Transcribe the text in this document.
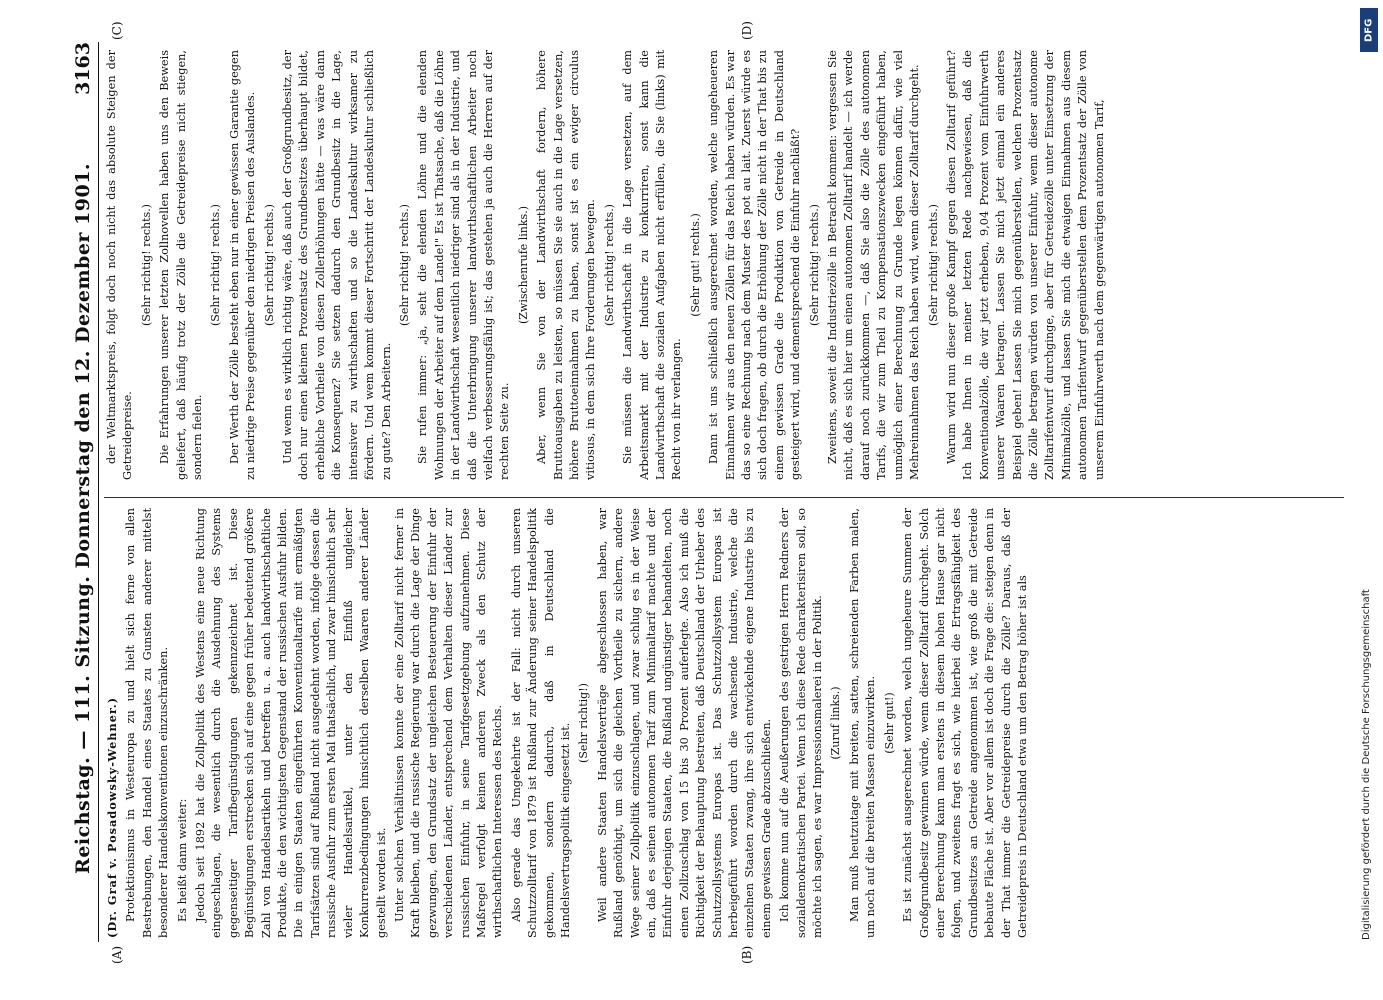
Reichstag. — 111. Sitzung. Donnerstag den 12. Dezember 1901.
3163
(A)	(B)
(C)	(D)

(Dr. Graf v. Posadowsky-Wehner.) Protektionismus in Westeuropa zu und hielt sich ferne von allen Bestrebungen, den Handel eines Staates zu Gunsten anderer mittelst besonderer Handelskonventionen einzuschränken. Es heißt dann weiter: Jedoch seit 1892 hat die Zollpolitik des Westens eine neue Richtung eingeschlagen, die wesentlich durch die Ausdehnung des Systems gegenseitiger Tarifbegünstigungen gekennzeichnet ist. Diese Begünstigungen erstrecken sich auf eine gegen früher bedeutend größere Zahl von Handelsartikeln und betreffen u. a. auch landwirthschaftliche Produkte, die den wichtigsten Gegenstand der russischen Ausfuhr bilden. Die in einigen Staaten eingeführten Konventionaltarife mit ermäßigten Tarifsätzen sind auf Rußland nicht ausgedehnt worden, infolge dessen die russische Ausfuhr zum ersten Mal thatsächlich, und zwar hinsichtlich sehr vieler Handelsartikel, unter den Einfluß ungleicher Konkurrenzbedingungen hinsichtlich derselben Waaren anderer Länder gestellt worden ist. Unter solchen Verhältnissen konnte der eine Zolltarif nicht ferner in Kraft bleiben, und die russische Regierung war durch die Lage der Dinge gezwungen, den Grundsatz der ungleichen Besteuerung der Einfuhr der verschiedenen Länder, entsprechend dem Verhalten dieser Länder zur russischen Einfuhr, in seine Tarifgesetzgebung aufzunehmen. Diese Maßregel verfolgt keinen anderen Zweck als den Schutz der wirthschaftlichen Interessen des Reichs. Also gerade das Umgekehrte ist der Fall: nicht durch unseren Schutzzolltarif von 1879 ist Rußland zur Änderung seiner Handelspolitik gekommen, sondern dadurch, daß in Deutschland die Handelsvertragspolitik eingesetzt ist. (Sehr richtig!) Weil andere Staaten Handelsverträge abgeschlossen haben, war Rußland genöthigt, um sich die gleichen Vortheile zu sichern, andere Wege seiner Zollpolitik einzuschlagen, und zwar schlug es in der Weise ein, daß es seinen autonomen Tarif zum Minimaltarif machte und der Einfuhr derjenigen Staaten, die Rußland ungünstiger behandelten, noch einen Zollzuschlag von 15 bis 30 Prozent auferlegte. Also ich muß die Richtigkeit der Behauptung bestreiten, daß Deutschland der Urheber des Schutzzollsystems Europas ist. Das Schutzzollsystem Europas ist herbeigeführt worden durch die wachsende Industrie, welche die einzelnen Staaten zwang, ihre sich entwickelnde eigene Industrie bis zu einem gewissen Grade abzuschließen. Ich komme nun auf die Aeußerungen des gestrigen Herrn Redners der sozialdemokratischen Partei. Wenn ich diese Rede charakterisiren soll, so möchte ich sagen, es war Impressionsmalerei in der Politik. (Zuruf links.) Man muß heutzutage mit breiten, satten, schreienden Farben malen, um noch auf die breiten Massen einzuwirken. (Sehr gut!) Es ist zunächst ausgerechnet worden, welch ungeheure Summen der Großgrundbesitz gewinnen würde, wenn dieser Zolltarif durchgeht. Solch einer Berechnung kann man erstens in diesem hohen Hause gar nicht folgen, und zweitens fragt es sich, wie hierbei die Ertragsfähigkeit des Grundbesitzes an Getreide angenommen ist, wie groß die mit Getreide bebaute Fläche ist. Aber vor allem ist doch die Frage die: steigen denn in der That immer die Getreidepreise durch die Zölle? Daraus, daß der Getreidepreis in Deutschland etwa um den Betrag höher ist als

der Weltmarktspreis, folgt doch noch nicht das absolute Steigen der Getreidepreise.

(Sehr richtig! rechts.) Die Erfahrungen unserer letzten Zollnovellen haben uns den Beweis geliefert, daß häufig trotz der Zölle die Getreidepreise nicht stiegen, sondern fielen.

(Sehr richtig! rechts.) Der Werth der Zölle besteht eben nur in einer gewissen Garantie gegen zu niedrige Preise gegenüber den niedrigen Preisen des Auslandes. (Sehr richtig! rechts.) Und wenn es wirklich richtig wäre, daß auch der Großgrundbesitz, der doch nur einen kleinen Prozentsatz des Grundbesitzes überhaupt bildet, erhebliche Vortheile von diesen Zollerhöhungen hätte — was wäre dann die Konsequenz? Sie setzen dadurch den Grundbesitz in die Lage, intensiver zu wirthschaften und so die Landeskultur wirksamer zu fördern. Und wem kommt dieser Fortschritt der Landeskultur schließlich zu gute? Den Arbeitern.

(Sehr richtig! rechts.) Sie rufen immer: „ja, seht die elenden Löhne und die elenden Wohnungen der Arbeiter auf dem Lande!" Es ist Thatsache, daß die Löhne in der Landwirthschaft wesentlich niedriger sind als in der Industrie, und daß die Unterbringung unserer landwirthschaftlichen Arbeiter noch vielfach verbesserungsfähig ist; das gestehen ja auch die Herren auf der rechten Seite zu.

(Zwischenrufe links.) Aber, wenn Sie von der Landwirthschaft fordern, höhere Bruttoausgaben zu leisten, so müssen Sie sie auch in die Lage versetzen, höhere Bruttoeinnahmen zu haben, sonst ist es ein ewiger circulus vitiosus, in dem sich Ihre Forderungen bewegen. (Sehr richtig! rechts.) Sie müssen die Landwirthschaft in die Lage versetzen, auf dem Arbeitsmarkt mit der Industrie zu konkurriren, sonst kann die Landwirthschaft die sozialen Aufgaben nicht erfüllen, die Sie (links) mit Recht von ihr verlangen.

(Sehr gut! rechts.) Dann ist uns schließlich ausgerechnet worden, welche ungeheueren Einnahmen wir aus den neuen Zöllen für das Reich haben würden. Es war das so eine Rechnung nach dem Muster des pot au lait. Zuerst würde es sich doch fragen, ob durch die Erhöhung der Zölle nicht in der That bis zu einem gewissen Grade die Produktion von Getreide in Deutschland gesteigert wird, und dementsprechend die Einfuhr nachläßt? (Sehr richtig! rechts.) Zweitens, soweit die Industriezölle in Betracht kommen: vergessen Sie nicht, daß es sich hier um einen autonomen Zolltarif handelt — ich werde darauf noch zurückkommen —, daß Sie also die Zölle des autonomen Tarifs, die wir zum Theil zu Kompensationszwecken eingeführt haben, unmöglich einer Berechnung zu Grunde legen können dafür, wie viel Mehreinnahmen das Reich haben wird, wenn dieser Zolltarif durchgeht. (Sehr richtig! rechts.) Warum wird nun dieser große Kampf gegen diesen Zolltarif geführt? Ich habe Ihnen in meiner letzten Rede nachgewiesen, daß die Konventionalzölle, die wir jetzt erheben, 9,04 Prozent vom Einfuhrwerth unserer Waaren betragen. Lassen Sie mich jetzt einmal ein anderes Beispiel geben! Lassen Sie mich gegenüberstellen, welchen Prozentsatz die Zölle betragen würden von unserer Einfuhr, wenn dieser autonome Zolltarifentwurf durchginge, aber für Getreidezölle unter Einsetzung der Minimalzölle, und lassen Sie mich die etwaigen Einnahmen aus diesem autonomen Tarifentwurf gegenüberstellen dem Prozentsatz der Zölle von unserem Einfuhrwerth nach dem gegenwärtigen autonomen Tarif,

DFG
Digitalisierung gefördert durch die Deutsche Forschungsgemeinschaft
